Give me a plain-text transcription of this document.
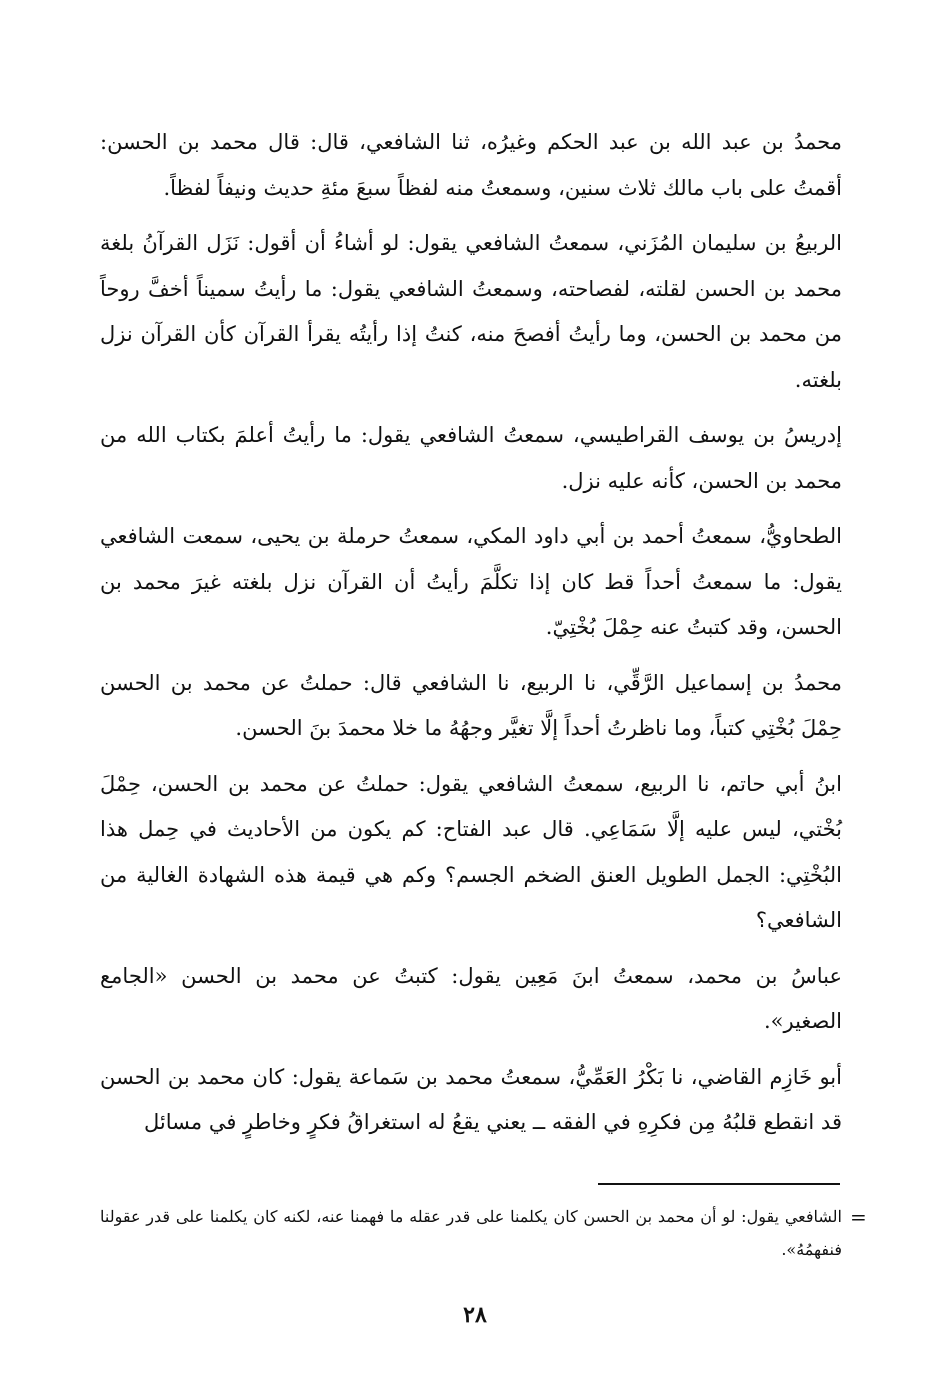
محمدُ بن عبد الله بن عبد الحكم وغيرُه، ثنا الشافعي، قال: قال محمد بن الحسن: أقمتُ على باب مالك ثلاث سنين، وسمعتُ منه لفظاً سبعَ مئةِ حديث ونيفاً لفظاً.

الربيعُ بن سليمان المُزَني، سمعتُ الشافعي يقول: لو أشاءُ أن أقول: نَزَل القرآنُ بلغة محمد بن الحسن لقلته، لفصاحته، وسمعتُ الشافعي يقول: ما رأيتُ سميناً أخفَّ روحاً من محمد بن الحسن، وما رأيتُ أفصحَ منه، كنتُ إذا رأيتُه يقرأ القرآن كأن القرآن نزل بلغته.

إدريسُ بن يوسف القراطيسي، سمعتُ الشافعي يقول: ما رأيتُ أعلمَ بكتاب الله من محمد بن الحسن، كأنه عليه نزل.

الطحاويُّ، سمعتُ أحمد بن أبي داود المكي، سمعتُ حرملة بن يحيى، سمعت الشافعي يقول: ما سمعتُ أحداً قط كان إذا تكلَّمَ رأيتُ أن القرآن نزل بلغته غيرَ محمد بن الحسن، وقد كتبتُ عنه حِمْلَ بُخْتِيّ.

محمدُ بن إسماعيل الرَّقِّي، نا الربيع، نا الشافعي قال: حملتُ عن محمد بن الحسن حِمْلَ بُخْتِي كتباً، وما ناظرتُ أحداً إلَّا تغيَّر وجهُهُ ما خلا محمدَ بنَ الحسن.

ابنُ أبي حاتم، نا الربيع، سمعتُ الشافعي يقول: حملتُ عن محمد بن الحسن، حِمْلَ بُخْتي، ليس عليه إلَّا سَمَاعِي. قال عبد الفتاح: كم يكون من الأحاديث في حِمل هذا البُخْتِي: الجمل الطويل العنق الضخم الجسم؟ وكم هي قيمة هذه الشهادة الغالية من الشافعي؟

عباسُ بن محمد، سمعتُ ابنَ مَعِين يقول: كتبتُ عن محمد بن الحسن «الجامع الصغير».

أبو خَازِم القاضي، نا بَكْرُ العَمِّيُّ، سمعتُ محمد بن سَماعة يقول: كان محمد بن الحسن قد انقطع قلبُهُ مِن فكرِهِ في الفقه ــ يعني يقعُ له استغراقُ فكرٍ وخاطرٍ في مسائل

=
الشافعي يقول: لو أن محمد بن الحسن كان يكلمنا على قدر عقله ما فهمنا عنه، لكنه كان يكلمنا على قدر عقولنا فنفهمُهُ».
٢٨
